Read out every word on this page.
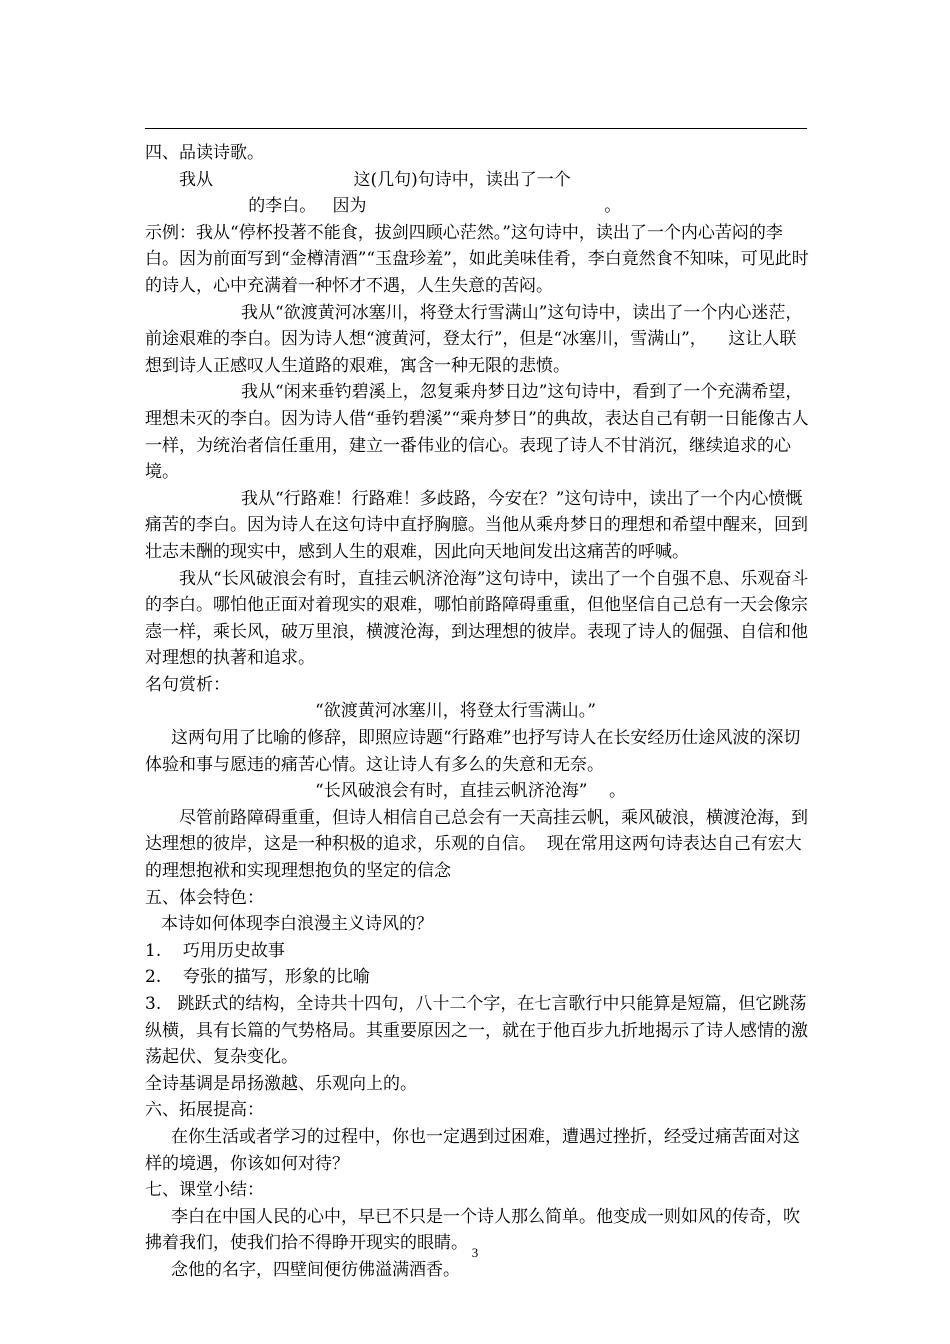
四、品读诗歌。

我从                          这(几句)句诗中，读出了一个

的李白。   因为                                            。

示例：我从“停杯投著不能食，拔剑四顾心茫然。”这句诗中，读出了一个内心苦闷的李白。因为前面写到“金樽清酒”“玉盘珍羞”，如此美味佳肴，李白竟然食不知味，可见此时的诗人，心中充满着一种怀才不遇，人生失意的苦闷。

我从“欲渡黄河冰塞川，将登太行雪满山”这句诗中，读出了一个内心迷茫，前途艰难的李白。因为诗人想“渡黄河，登太行”，但是“冰塞川，雪满山”，    这让人联想到诗人正感叹人生道路的艰难，寓含一种无限的悲愤。

我从“闲来垂钓碧溪上，忽复乘舟梦日边”这句诗中，看到了一个充满希望，理想未灭的李白。因为诗人借“垂钓碧溪”“乘舟梦日”的典故，表达自己有朝一日能像古人一样，为统治者信任重用，建立一番伟业的信心。表现了诗人不甘消沉，继续追求的心境。

我从“行路难！行路难！多歧路，今安在？”这句诗中，读出了一个内心愤慨痛苦的李白。因为诗人在这句诗中直抒胸臆。当他从乘舟梦日的理想和希望中醒来，回到壮志未酬的现实中，感到人生的艰难，因此向天地间发出这痛苦的呼喊。

我从“长风破浪会有时，直挂云帆济沧海”这句诗中，读出了一个自强不息、乐观奋斗的李白。哪怕他正面对着现实的艰难，哪怕前路障碍重重，但他坚信自己总有一天会像宗悫一样，乘长风，破万里浪，横渡沧海，到达理想的彼岸。表现了诗人的倔强、自信和他对理想的执著和追求。

名句赏析：

“欲渡黄河冰塞川，将登太行雪满山。”

这两句用了比喻的修辞，即照应诗题“行路难”也抒写诗人在长安经历仕途风波的深切体验和事与愿违的痛苦心情。这让诗人有多么的失意和无奈。

“长风破浪会有时，直挂云帆济沧海”    。

尽管前路障碍重重，但诗人相信自己总会有一天高挂云帆，乘风破浪，横渡沧海，到达理想的彼岸，这是一种积极的追求，乐观的自信。  现在常用这两句诗表达自己有宏大的理想抱袱和实现理想抱负的坚定的信念

五、体会特色：

本诗如何体现李白浪漫主义诗风的？

1.    巧用历史故事

2.    夸张的描写，形象的比喻

3.   跳跃式的结构，全诗共十四句，八十二个字，在七言歌行中只能算是短篇，但它跳荡纵横，具有长篇的气势格局。其重要原因之一，就在于他百步九折地揭示了诗人感情的激荡起伏、复杂变化。

全诗基调是昂扬激越、乐观向上的。

六、拓展提高：

在你生活或者学习的过程中，你也一定遇到过困难，遭遇过挫折，经受过痛苦面对这样的境遇，你该如何对待？

七、课堂小结：

李白在中国人民的心中，早已不只是一个诗人那么简单。他变成一则如风的传奇，吹拂着我们，使我们拾不得睁开现实的眼睛。

念他的名字，四壁间便彷佛溢满酒香。

3
